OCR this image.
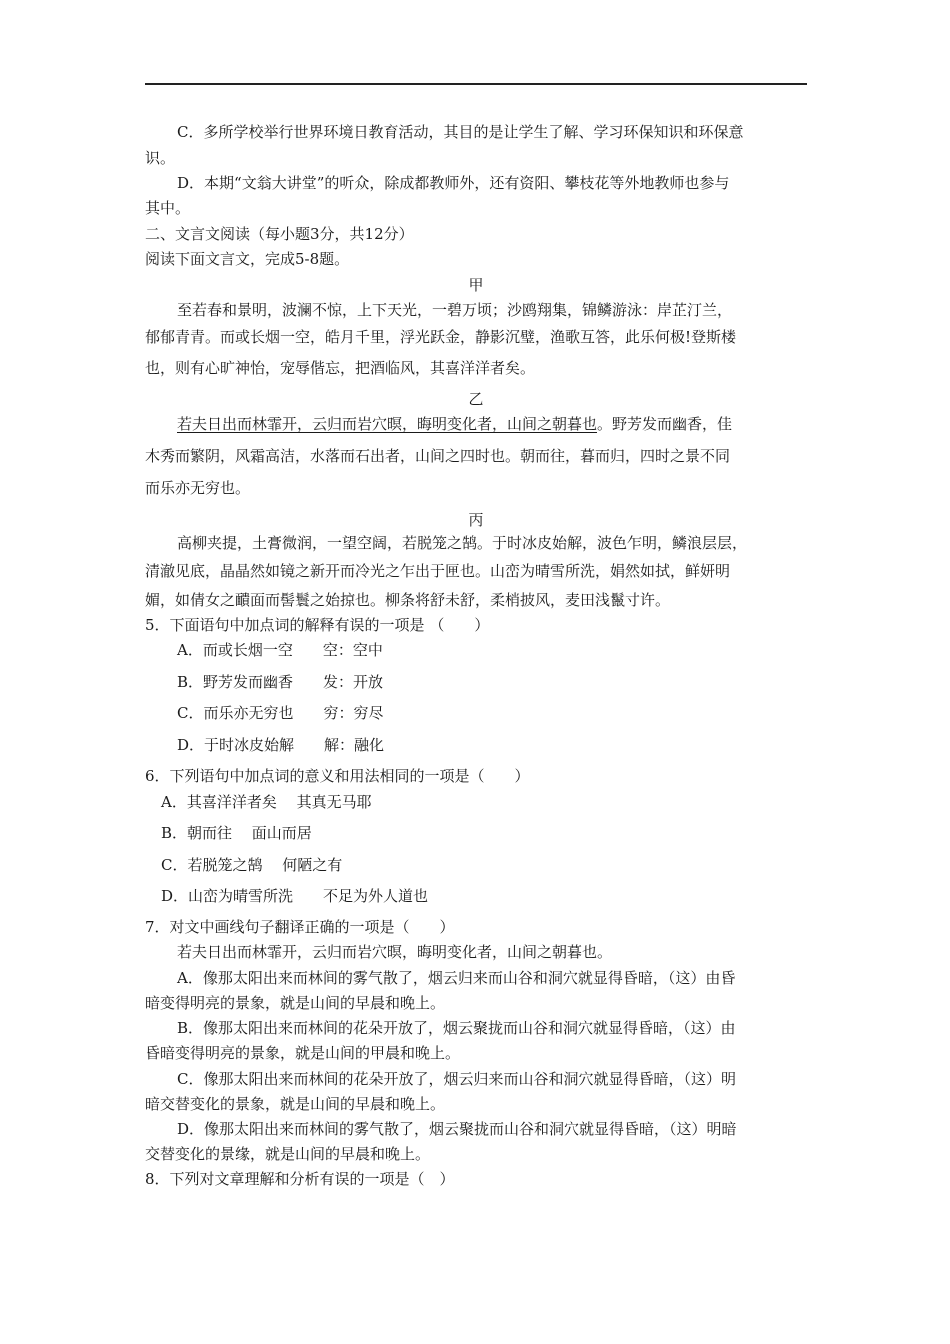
C．多所学校举行世界环境日教育活动，其目的是让学生了解、学习环保知识和环保意
识。
D．本期“文翁大讲堂”的听众，除成都教师外，还有资阳、攀枝花等外地教师也参与
其中。
二、文言文阅读（每小题3分，共12分）
阅读下面文言文，完成5-8题。
甲
至若春和景明，波澜不惊，上下天光，一碧万顷；沙鸥翔集，锦鳞游泳：岸芷汀兰，
郁郁青青。而或长烟一空，皓月千里，浮光跃金，静影沉璧，渔歌互答，此乐何极!登斯楼
也，则有心旷神怡，宠辱偕忘，把酒临风，其喜洋洋者矣。
乙
若夫日出而林霏开，云归而岩穴暝，晦明变化者，山间之朝暮也。野芳发而幽香，佳
木秀而繁阴，风霜高洁，水落而石出者，山间之四时也。朝而往，暮而归，四时之景不同
而乐亦无穷也。
丙
高柳夹提，土膏微润，一望空阔，若脱笼之鹄。于时冰皮始解，波色乍明，鳞浪层层，
清澈见底，晶晶然如镜之新开而冷光之乍出于匣也。山峦为晴雪所洗，娟然如拭，鲜妍明
媚，如倩女之靧面而髻鬟之始掠也。柳条将舒未舒，柔梢披风，麦田浅鬣寸许。
5．下面语句中加点词的解释有误的一项是 （　　）
A．而或长烟一空　　空：空中
B．野芳发而幽香　　发：开放
C．而乐亦无穷也　　穷：穷尽
D．于时冰皮始解　　解：融化
6．下列语句中加点词的意义和用法相同的一项是（　　）
A．其喜洋洋者矣　 其真无马耶
B．朝而往　 面山而居
C．若脱笼之鹄　 何陋之有
D．山峦为晴雪所洗　　不足为外人道也
7．对文中画线句子翻译正确的一项是（　　）
若夫日出而林霏开，云归而岩穴暝，晦明变化者，山间之朝暮也。
A．像那太阳出来而林间的雾气散了，烟云归来而山谷和洞穴就显得昏暗，（这）由昏
暗变得明亮的景象，就是山间的早晨和晚上。
B．像那太阳出来而林间的花朵开放了，烟云聚拢而山谷和洞穴就显得昏暗，（这）由
昏暗变得明亮的景象，就是山间的甲晨和晚上。
C．像那太阳出来而林间的花朵开放了，烟云归来而山谷和洞穴就显得昏暗，（这）明
暗交替变化的景象，就是山间的早晨和晚上。
D．像那太阳出来而林间的雾气散了，烟云聚拢而山谷和洞穴就显得昏暗，（这）明暗
交替变化的景缘，就是山间的早晨和晚上。
8．下列对文章理解和分析有误的一项是（　）
